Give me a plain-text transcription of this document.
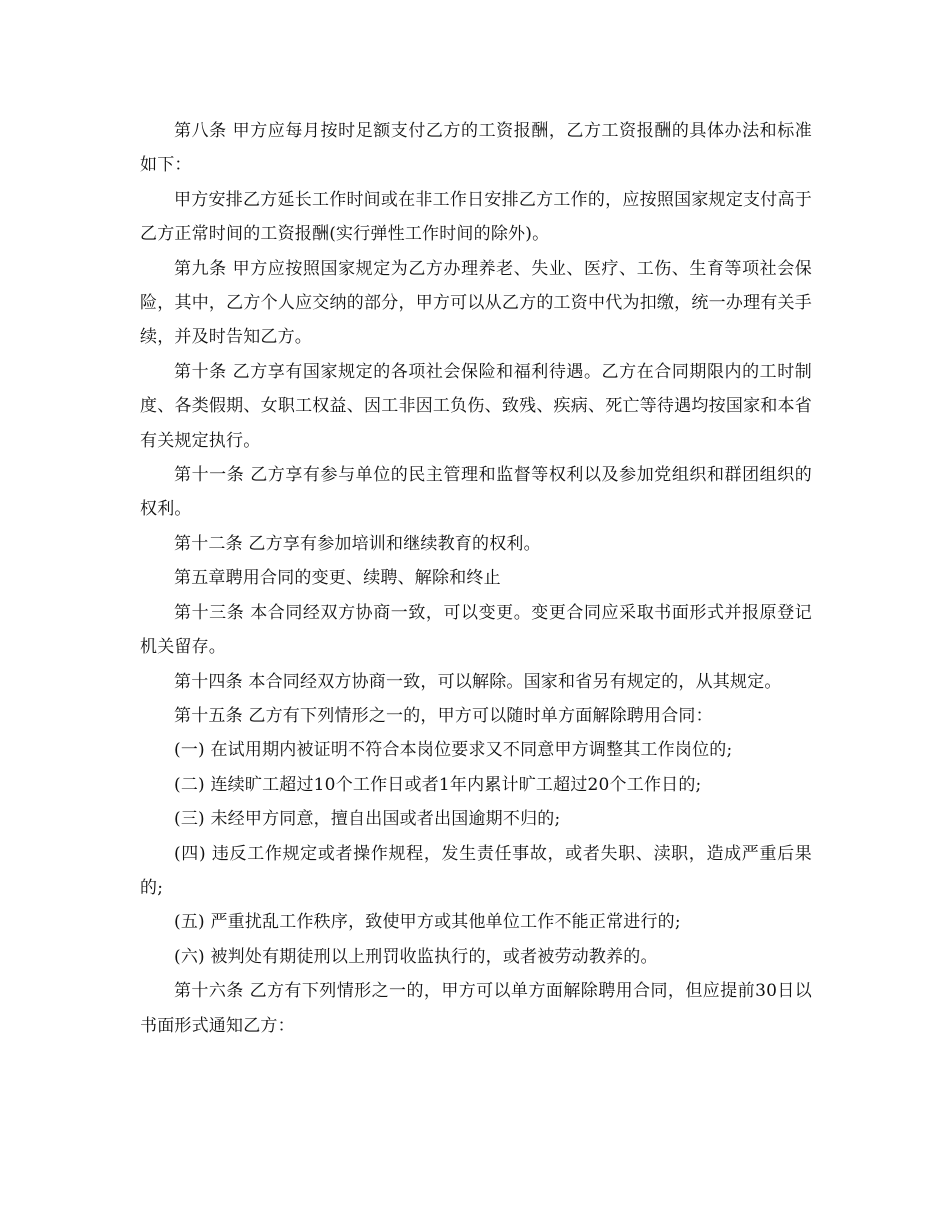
第八条 甲方应每月按时足额支付乙方的工资报酬，乙方工资报酬的具体办法和标准如下：

甲方安排乙方延长工作时间或在非工作日安排乙方工作的，应按照国家规定支付高于乙方正常时间的工资报酬(实行弹性工作时间的除外)。

第九条 甲方应按照国家规定为乙方办理养老、失业、医疗、工伤、生育等项社会保险，其中，乙方个人应交纳的部分，甲方可以从乙方的工资中代为扣缴，统一办理有关手续，并及时告知乙方。

第十条 乙方享有国家规定的各项社会保险和福利待遇。乙方在合同期限内的工时制度、各类假期、女职工权益、因工非因工负伤、致残、疾病、死亡等待遇均按国家和本省有关规定执行。

第十一条 乙方享有参与单位的民主管理和监督等权利以及参加党组织和群团组织的权利。

第十二条 乙方享有参加培训和继续教育的权利。

第五章聘用合同的变更、续聘、解除和终止

第十三条 本合同经双方协商一致，可以变更。变更合同应采取书面形式并报原登记机关留存。

第十四条 本合同经双方协商一致，可以解除。国家和省另有规定的，从其规定。

第十五条 乙方有下列情形之一的，甲方可以随时单方面解除聘用合同：

(一) 在试用期内被证明不符合本岗位要求又不同意甲方调整其工作岗位的;

(二) 连续旷工超过10个工作日或者1年内累计旷工超过20个工作日的;

(三) 未经甲方同意，擅自出国或者出国逾期不归的;

(四) 违反工作规定或者操作规程，发生责任事故，或者失职、渎职，造成严重后果的;

(五) 严重扰乱工作秩序，致使甲方或其他单位工作不能正常进行的;

(六) 被判处有期徒刑以上刑罚收监执行的，或者被劳动教养的。

第十六条 乙方有下列情形之一的，甲方可以单方面解除聘用合同，但应提前30日以书面形式通知乙方：
